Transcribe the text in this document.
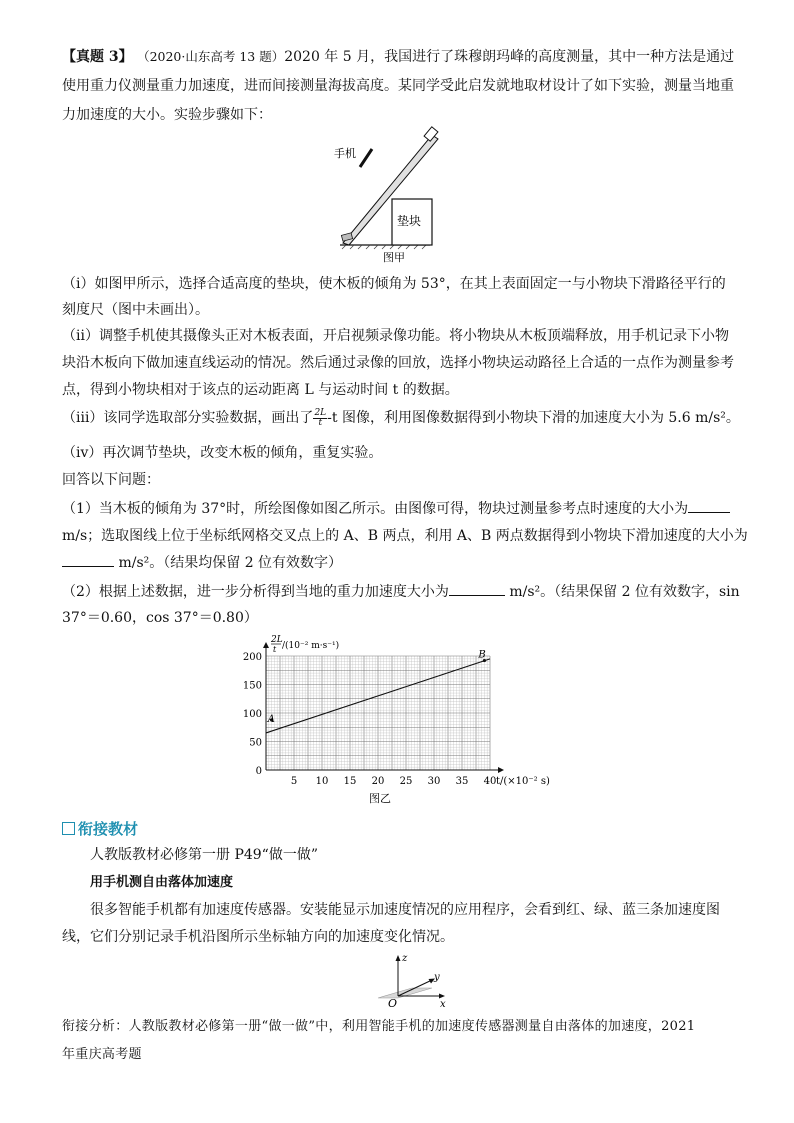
【真题 3】 （2020·山东高考 13 题）2020 年 5 月，我国进行了珠穆朗玛峰的高度测量，其中一种方法是通过
使用重力仪测量重力加速度，进而间接测量海拔高度。某同学受此启发就地取材设计了如下实验，测量当地重
力加速度的大小。实验步骤如下：
手机
垫块
图甲
（ⅰ）如图甲所示，选择合适高度的垫块，使木板的倾角为 53°，在其上表面固定一与小物块下滑路径平行的
刻度尺（图中未画出）。
（ⅱ）调整手机使其摄像头正对木板表面，开启视频录像功能。将小物块从木板顶端释放，用手机记录下小物
块沿木板向下做加速直线运动的情况。然后通过录像的回放，选择小物块运动路径上合适的一点作为测量参考
点，得到小物块相对于该点的运动距离 L 与运动时间 t 的数据。
（ⅲ）该同学选取部分实验数据，画出了 $\frac{2L}{t} -t$ 图像，利用图像数据得到小物块下滑的加速度大小为 5.6 m/s²。
（ⅳ）再次调节垫块，改变木板的倾角，重复实验。
回答以下问题：
（1）当木板的倾角为 37°时，所绘图像如图乙所示。由图像可得，物块过测量参考点时速度的大小为
m/s；选取图线上位于坐标纸网格交叉点上的 A、B 两点，利用 A、B 两点数据得到小物块下滑加速度的大小为
m/s²。（结果均保留 2 位有效数字）
（2）根据上述数据，进一步分析得到当地的重力加速度大小为	m/s²。（结果保留 2 位有效数字，sin
37°＝0.60，cos 37°＝0.80）
5 10 15 20 25 30 35 40
0
50
100
150
200
A
B
2L
t /(10⁻² m·s⁻¹)
t/(×10⁻² s)
图乙
衔接教材
人教版教材必修第一册 P49“做一做”
用手机测自由落体加速度
很多智能手机都有加速度传感器。安装能显示加速度情况的应用程序，会看到红、绿、蓝三条加速度图
线，它们分别记录手机沿图所示坐标轴方向的加速度变化情况。
z
y
x
O
衔接分析：人教版教材必修第一册“做一做”中，利用智能手机的加速度传感器测量自由落体的加速度，2021
年重庆高考题
